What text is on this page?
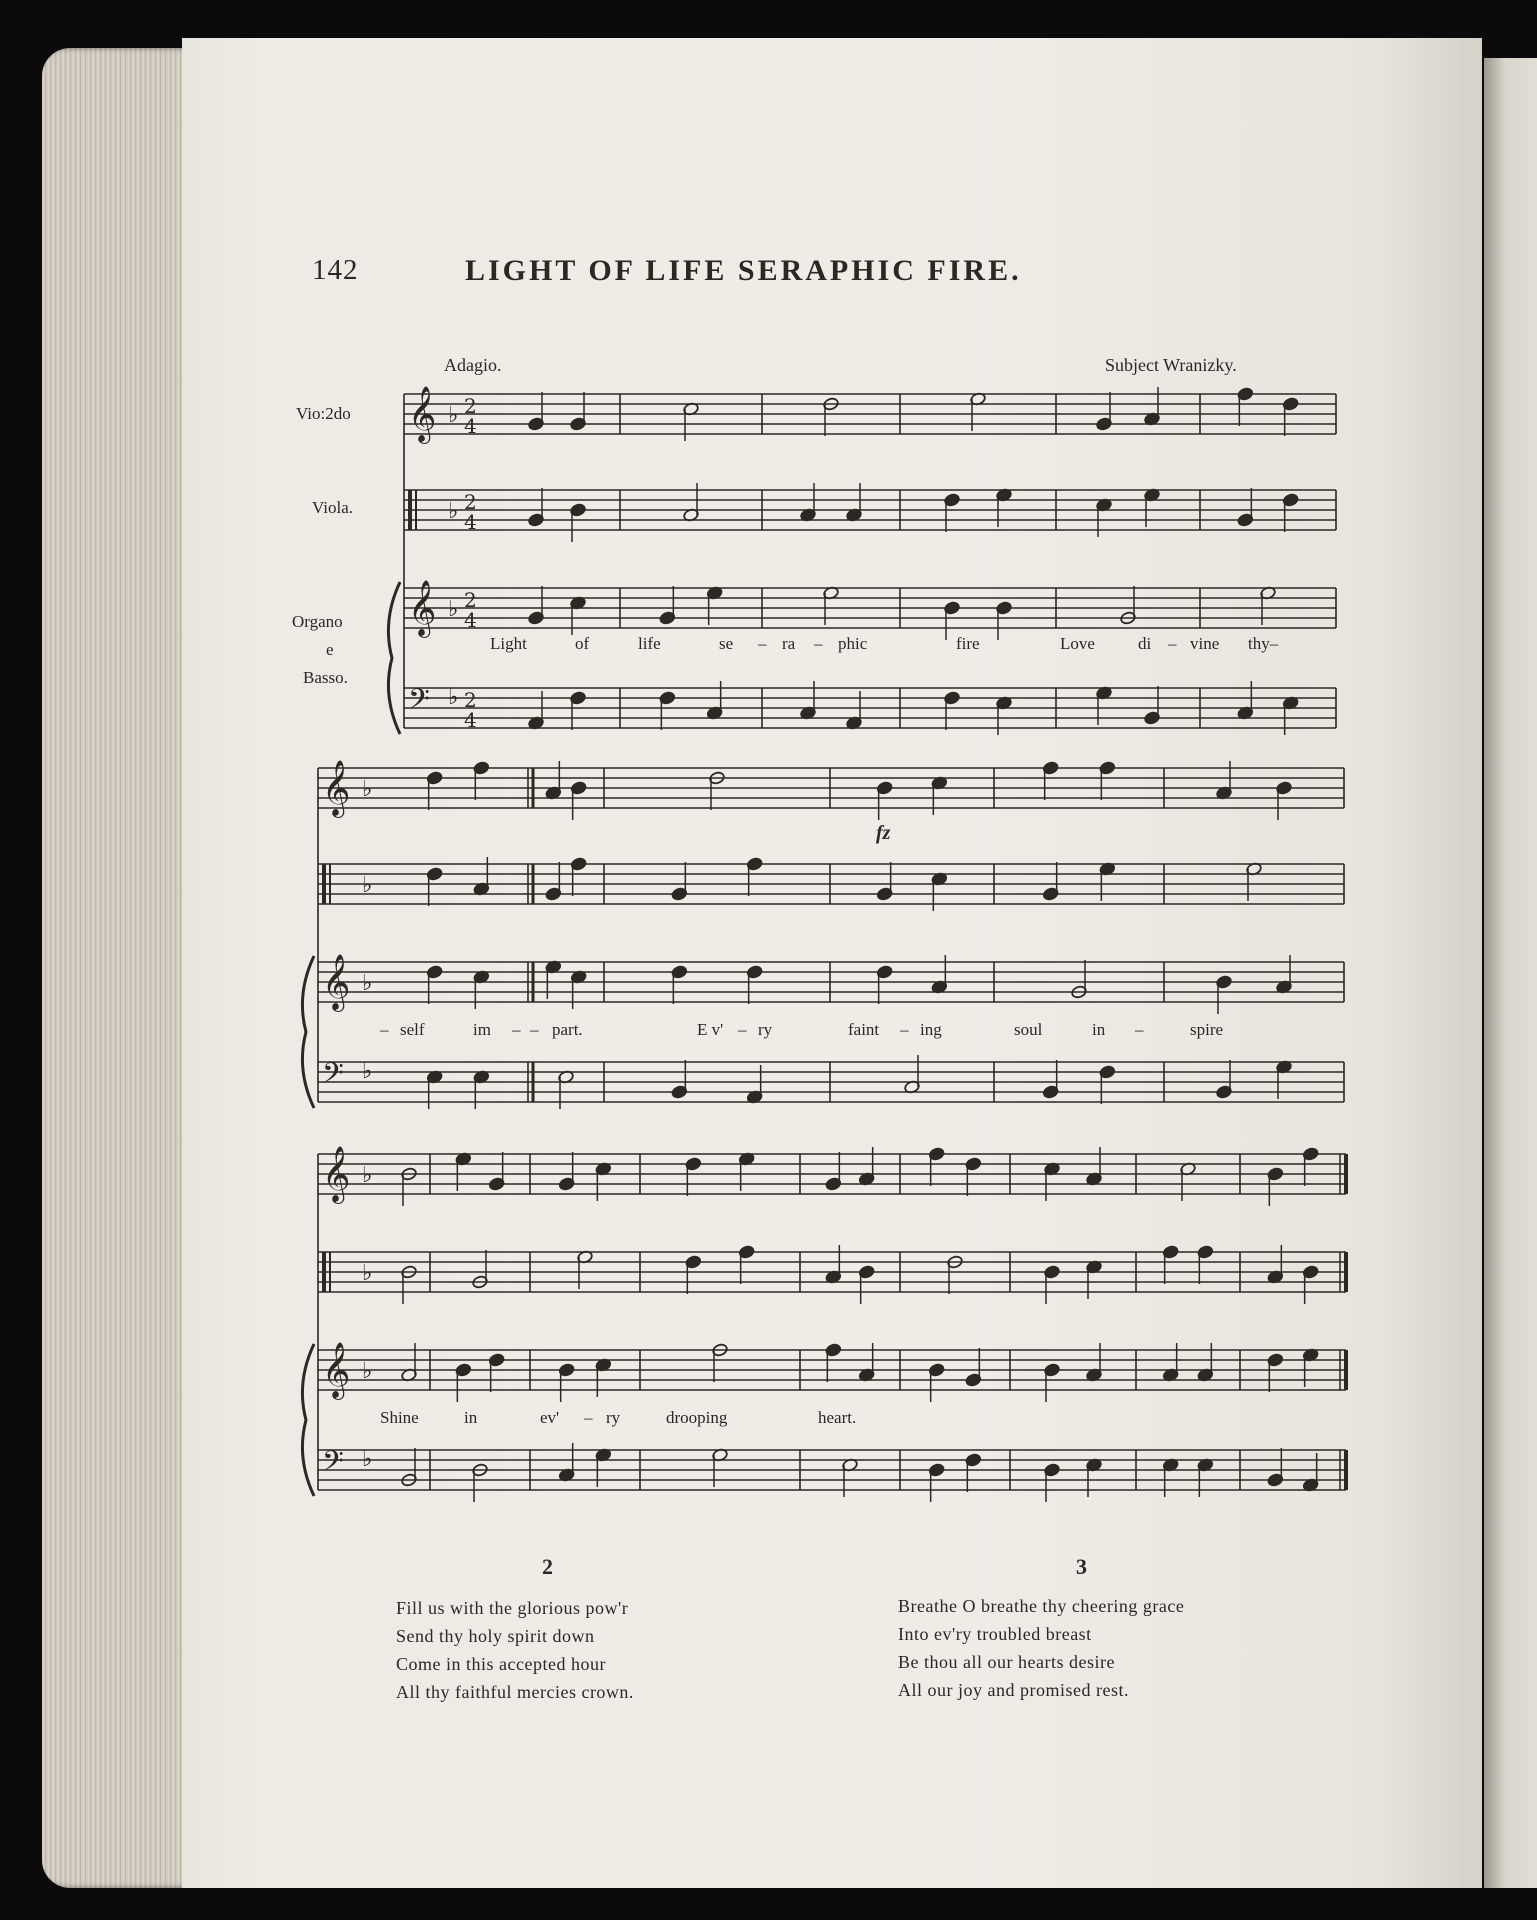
142	LIGHT OF LIFE SERAPHIC FIRE.
Adagio.	Subject Wranizky.
Vio:2do
Viola.
Organo
e
Basso.
fz
Light	of	life	se – ra – phic	fire	Love	di – vine thy–
– self	im – – part.	E v' – ry	faint – ing	soul	in –	spire
Shine	in	ev' – ry	drooping	heart.
2
Fill us with the glorious pow'r
Send thy holy spirit down
Come in this accepted hour
All thy faithful mercies crown.
3
Breathe O breathe thy cheering grace
Into ev'ry troubled breast
Be thou all our hearts desire
All our joy and promised rest.
𝄞 ♭ 2
4
♭ 2
4
𝄞 ♭ 2
4
𝄢 ♭ 2
4
𝄞 ♭
♭
𝄞 ♭
𝄢 ♭
𝄞 ♭
♭
𝄞 ♭
𝄢 ♭
